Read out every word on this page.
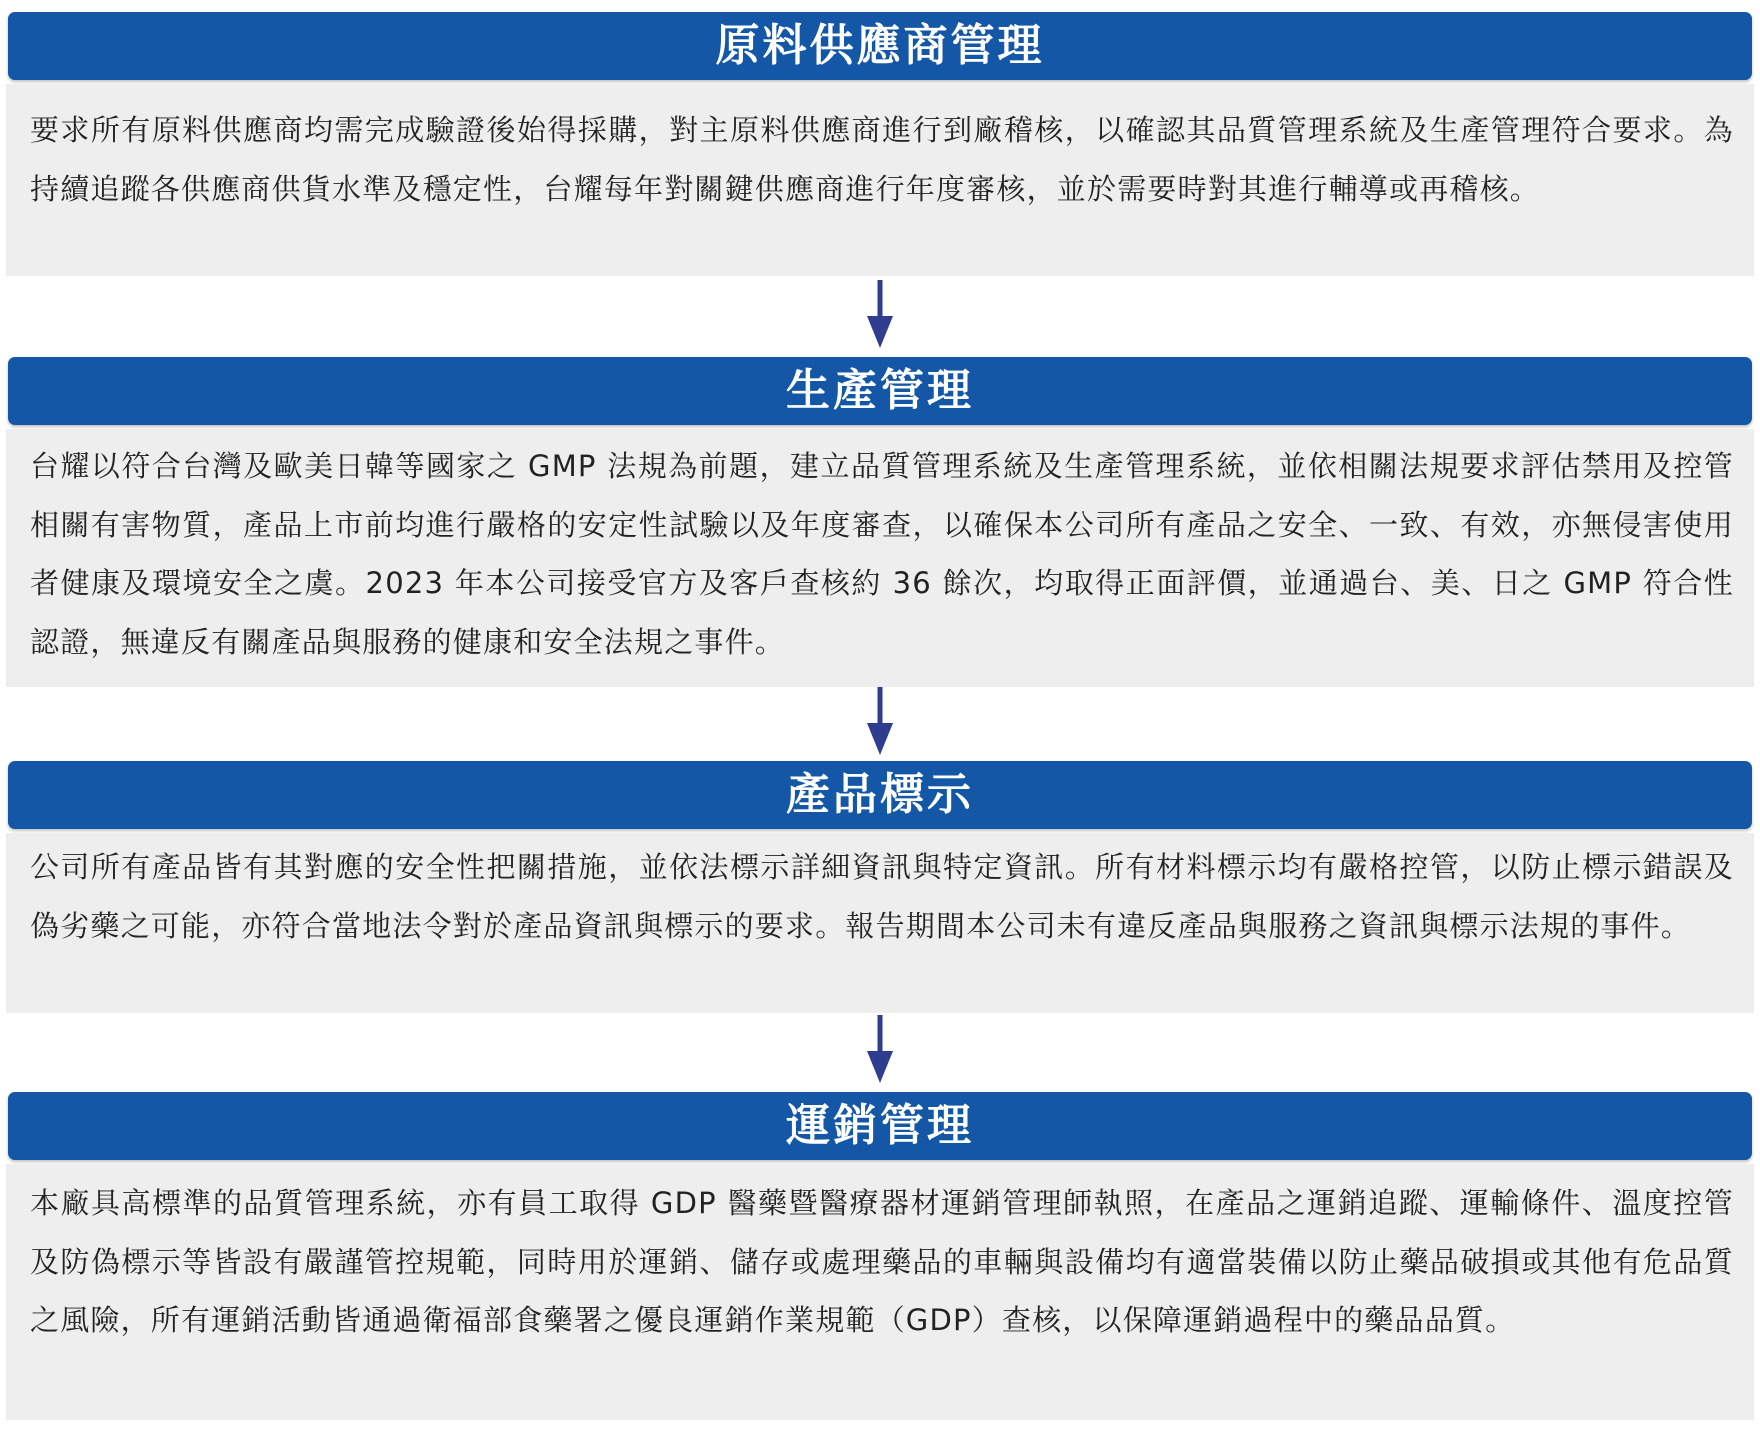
原料供應商管理
要求所有原料供應商均需完成驗證後始得採購，對主原料供應商進行到廠稽核，以確認其品質管理系統及生產管理符合要求。為持續追蹤各供應商供貨水準及穩定性，台耀每年對關鍵供應商進行年度審核，並於需要時對其進行輔導或再稽核。
生產管理
台耀以符合台灣及歐美日韓等國家之 GMP 法規為前題，建立品質管理系統及生產管理系統，並依相關法規要求評估禁用及控管相關有害物質，產品上市前均進行嚴格的安定性試驗以及年度審查，以確保本公司所有產品之安全、一致、有效，亦無侵害使用者健康及環境安全之虞。2023 年本公司接受官方及客戶查核約 36 餘次，均取得正面評價，並通過台、美、日之 GMP 符合性認證，無違反有關產品與服務的健康和安全法規之事件。
產品標示
公司所有產品皆有其對應的安全性把關措施，並依法標示詳細資訊與特定資訊。所有材料標示均有嚴格控管，以防止標示錯誤及偽劣藥之可能，亦符合當地法令對於產品資訊與標示的要求。報告期間本公司未有違反產品與服務之資訊與標示法規的事件。
運銷管理
本廠具高標準的品質管理系統，亦有員工取得 GDP 醫藥暨醫療器材運銷管理師執照，在產品之運銷追蹤、運輸條件、溫度控管及防偽標示等皆設有嚴謹管控規範，同時用於運銷、儲存或處理藥品的車輛與設備均有適當裝備以防止藥品破損或其他有危品質之風險，所有運銷活動皆通過衛福部食藥署之優良運銷作業規範（GDP）查核，以保障運銷過程中的藥品品質。
